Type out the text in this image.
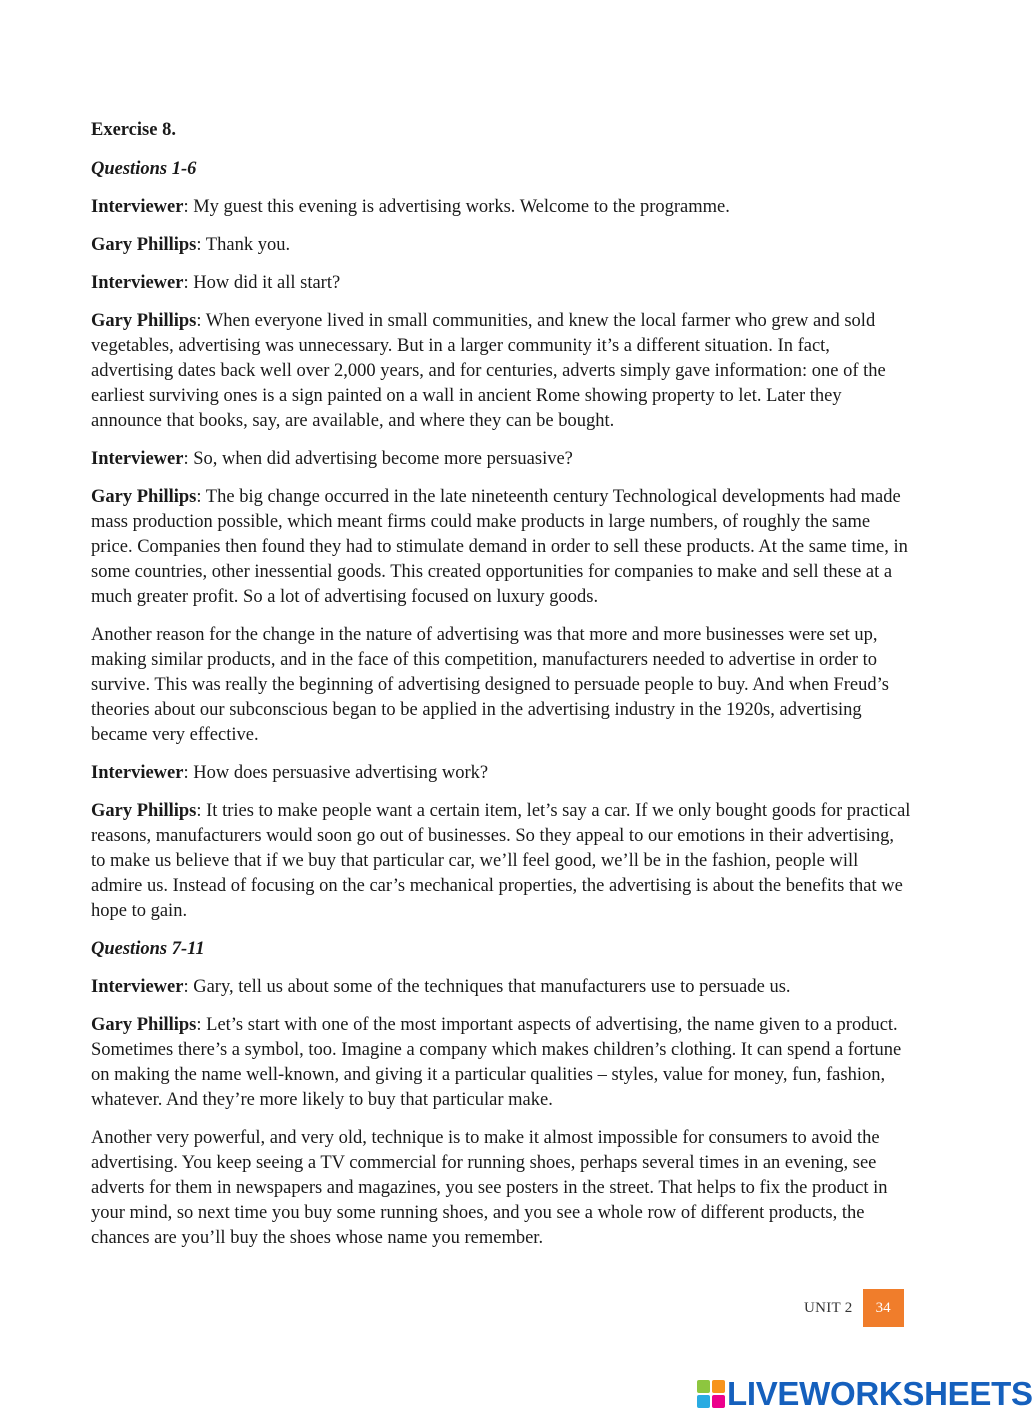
Exercise 8.
Questions 1-6

Interviewer: My guest this evening is advertising works. Welcome to the programme.

Gary Phillips: Thank you.

Interviewer: How did it all start?

Gary Phillips: When everyone lived in small communities, and knew the local farmer who grew and sold vegetables, advertising was unnecessary. But in a larger community it’s a different situation. In fact, advertising dates back well over 2,000 years, and for centuries, adverts simply gave information: one of the earliest surviving ones is a sign painted on a wall in ancient Rome showing property to let. Later they announce that books, say, are available, and where they can be bought.

Interviewer: So, when did advertising become more persuasive?

Gary Phillips: The big change occurred in the late nineteenth century Technological developments had made mass production possible, which meant firms could make products in large numbers, of roughly the same price. Companies then found they had to stimulate demand in order to sell these products. At the same time, in some countries, other inessential goods. This created opportunities for companies to make and sell these at a much greater profit. So a lot of advertising focused on luxury goods.

Another reason for the change in the nature of advertising was that more and more businesses were set up, making similar products, and in the face of this competition, manufacturers needed to advertise in order to survive. This was really the beginning of advertising designed to persuade people to buy. And when Freud’s theories about our subconscious began to be applied in the advertising industry in the 1920s, advertising became very effective.

Interviewer: How does persuasive advertising work?

Gary Phillips: It tries to make people want a certain item, let’s say a car. If we only bought goods for practical reasons, manufacturers would soon go out of businesses. So they appeal to our emotions in their advertising, to make us believe that if we buy that particular car, we’ll feel good, we’ll be in the fashion, people will admire us. Instead of focusing on the car’s mechanical properties, the advertising is about the benefits that we hope to gain.

Questions 7-11

Interviewer: Gary, tell us about some of the techniques that manufacturers use to persuade us.

Gary Phillips: Let’s start with one of the most important aspects of advertising, the name given to a product. Sometimes there’s a symbol, too. Imagine a company which makes children’s clothing. It can spend a fortune on making the name well-known, and giving it a particular qualities – styles, value for money, fun, fashion, whatever. And they’re more likely to buy that particular make.

Another very powerful, and very old, technique is to make it almost impossible for consumers to avoid the advertising. You keep seeing a TV commercial for running shoes, perhaps several times in an evening, see adverts for them in newspapers and magazines, you see posters in the street. That helps to fix the product in your mind, so next time you buy some running shoes, and you see a whole row of different products, the chances are you’ll buy the shoes whose name you remember.

UNIT 2	34
LIVEWORKSHEETS
